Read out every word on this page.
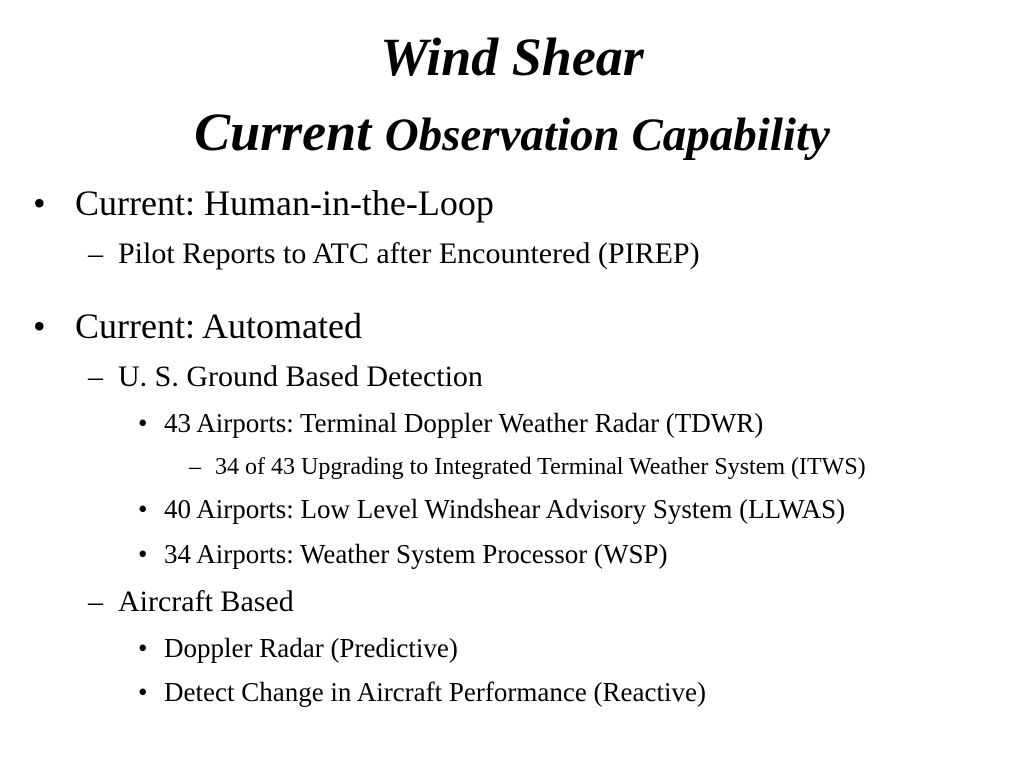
Wind Shear
Current Observation Capability
• Current: Human-in-the-Loop
– Pilot Reports to ATC after Encountered (PIREP)
• Current: Automated
– U. S. Ground Based Detection
• 43 Airports: Terminal Doppler Weather Radar (TDWR)
– 34 of 43 Upgrading to Integrated Terminal Weather System (ITWS)
• 40 Airports: Low Level Windshear Advisory System (LLWAS)
• 34 Airports: Weather System Processor (WSP)
– Aircraft Based
• Doppler Radar (Predictive)
• Detect Change in Aircraft Performance (Reactive)
